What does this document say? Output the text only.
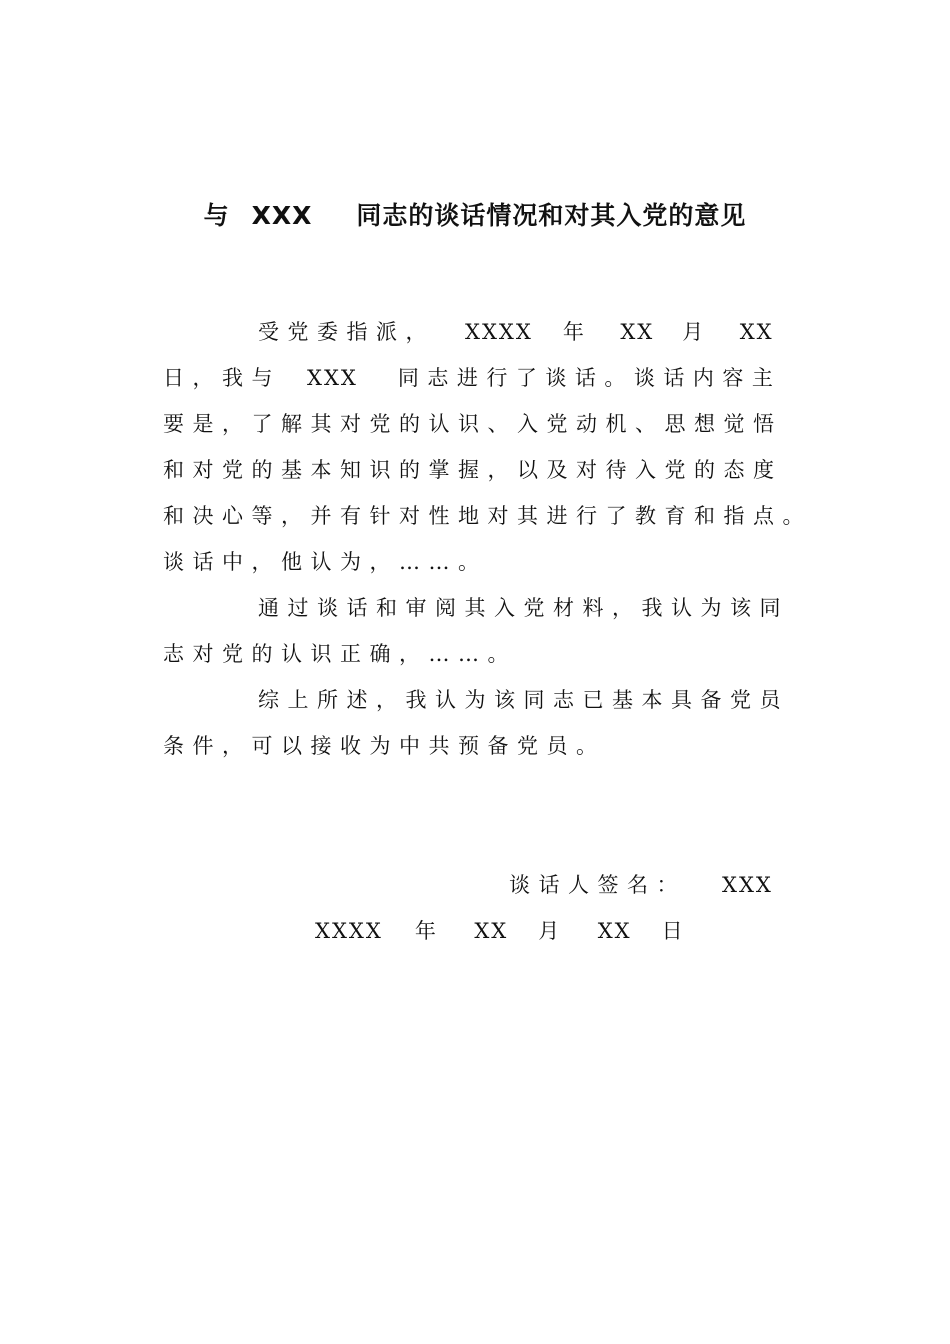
与 XXX 同志的谈话情况和对其入党的意见
受党委指派， XXXX 年 XX 月 XX
日，我与 XXX 同志进行了谈话。谈话内容主
要是，了解其对党的认识、入党动机、思想觉悟
和对党的基本知识的掌握，以及对待入党的态度
和决心等，并有针对性地对其进行了教育和指点。
谈话中，他认为，……。
通过谈话和审阅其入党材料，我认为该同
志对党的认识正确，……。
综上所述，我认为该同志已基本具备党员
条件，可以接收为中共预备党员。
谈话人签名： XXX
XXXX 年 XX 月 XX 日
